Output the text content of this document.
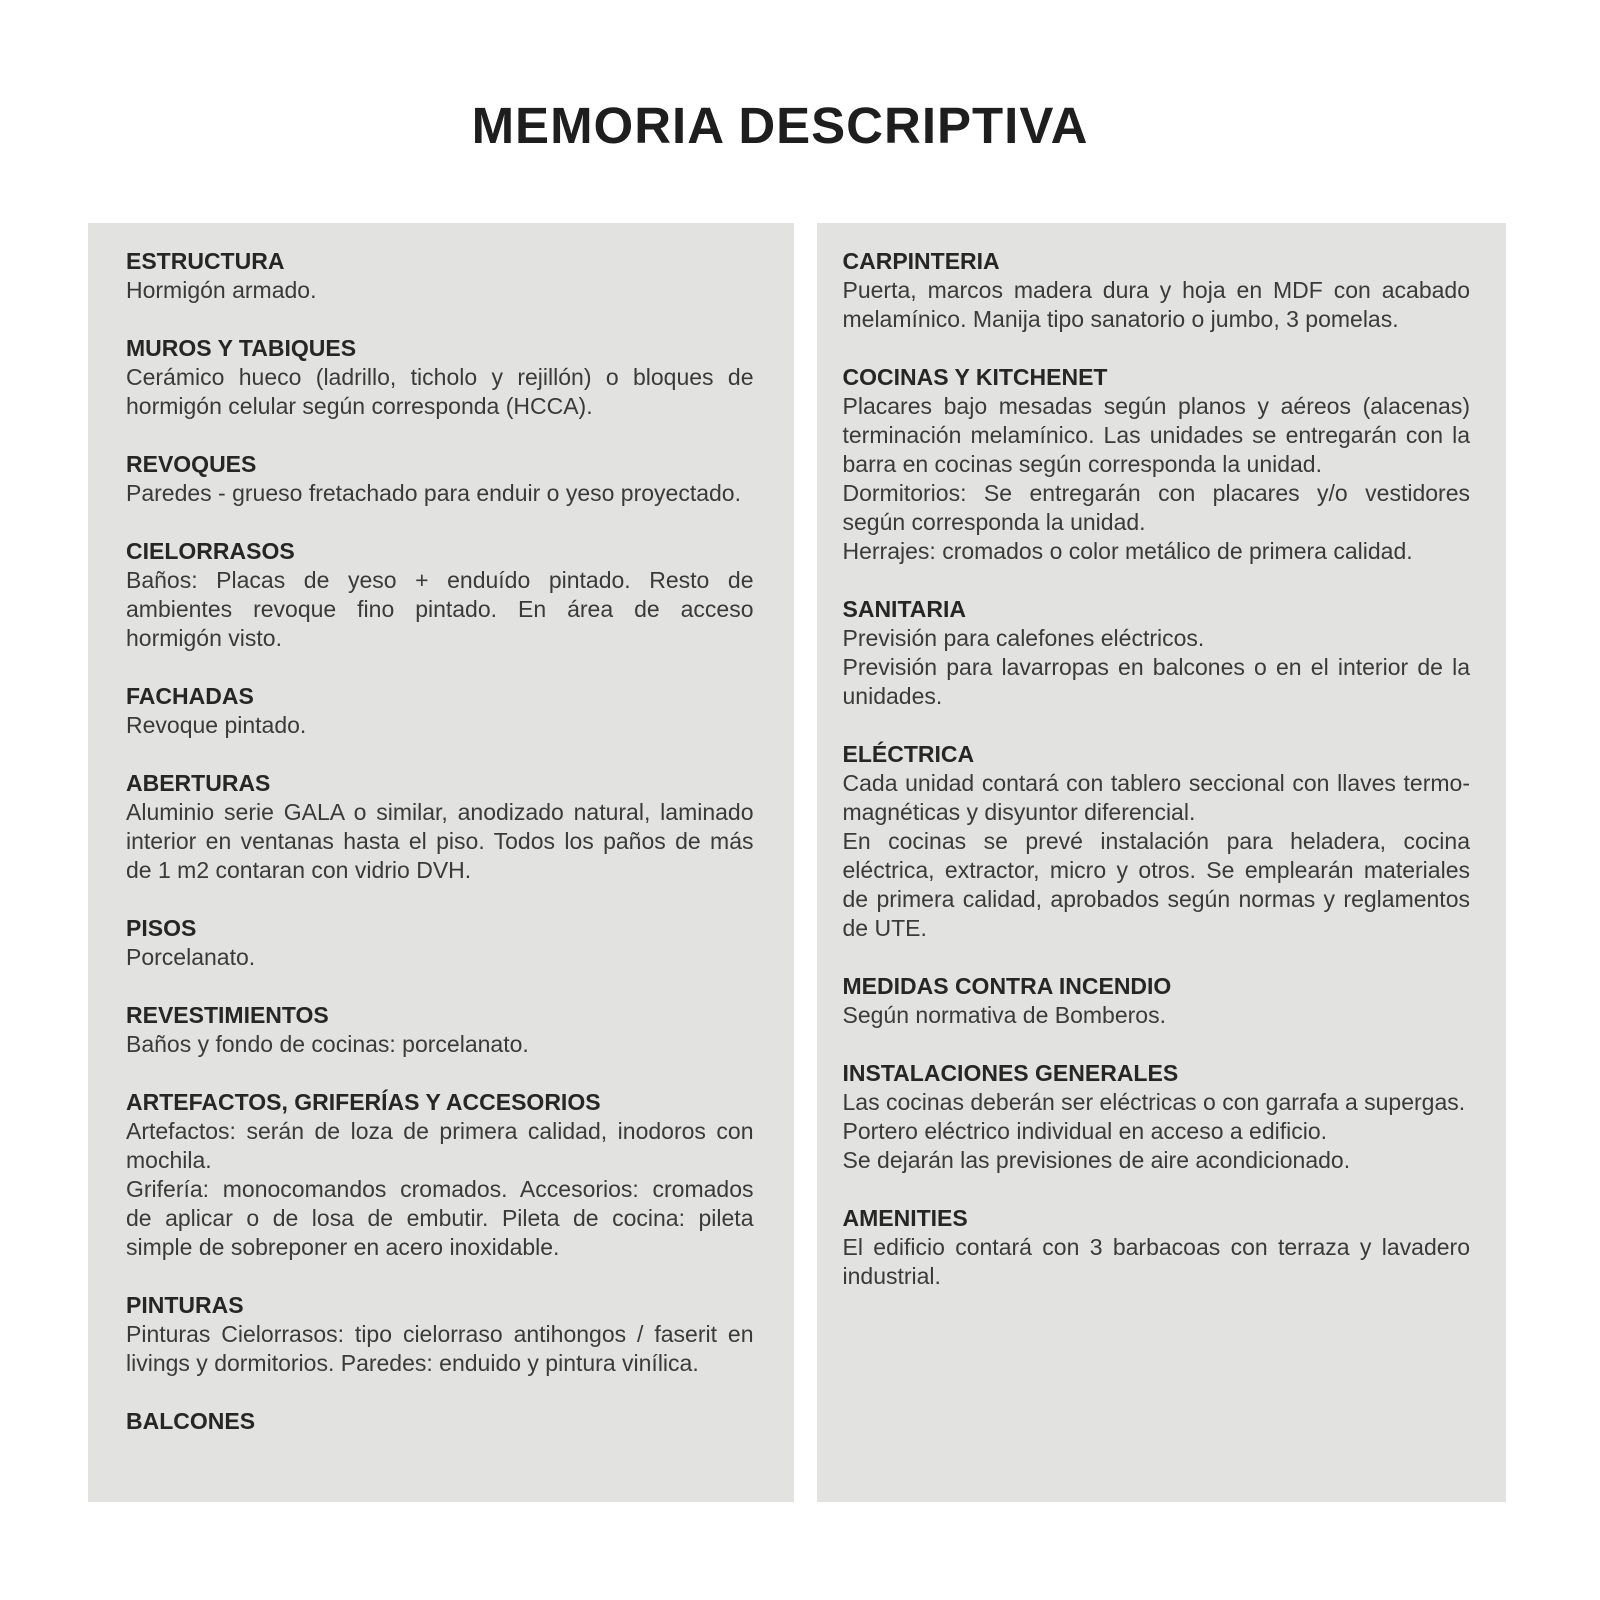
MEMORIA DESCRIPTIVA
ESTRUCTURA

Hormigón armado.

MUROS Y TABIQUES

Cerámico hueco (ladrillo, ticholo y rejillón) o bloques de hormigón celular según corresponda (HCCA).

REVOQUES

Paredes - grueso fretachado para enduir o yeso proyectado.

CIELORRASOS

Baños: Placas de yeso + enduído pintado. Resto de ambientes revoque fino pintado. En área de acceso hormigón visto.

FACHADAS

Revoque pintado.

ABERTURAS

Aluminio serie GALA o similar, anodizado natural, laminado interior en ventanas hasta el piso. Todos los paños de más de 1 m2 contaran con vidrio DVH.

PISOS

Porcelanato.

REVESTIMIENTOS

Baños y fondo de cocinas: porcelanato.

ARTEFACTOS, GRIFERÍAS Y ACCESORIOS

Artefactos: serán de loza de primera calidad, inodoros con mochila.

Grifería: monocomandos cromados. Accesorios: cromados de aplicar o de losa de embutir. Pileta de cocina: pileta simple de sobreponer en acero inoxidable.

PINTURAS

Pinturas Cielorrasos: tipo cielorraso antihongos / faserit en livings y dormitorios. Paredes: enduido y pintura vinílica.

BALCONES
CARPINTERIA

Puerta, marcos madera dura y hoja en MDF con acabado melamínico. Manija tipo sanatorio o jumbo, 3 pomelas.

COCINAS Y KITCHENET

Placares bajo mesadas según planos y aéreos (alacenas) terminación melamínico. Las unidades se entregarán con la barra en cocinas según corresponda la unidad.

Dormitorios: Se entregarán con placares y/o vestidores según corresponda la unidad.

Herrajes: cromados o color metálico de primera calidad.

SANITARIA

Previsión para calefones eléctricos.

Previsión para lavarropas en balcones o en el interior de la unidades.

ELÉCTRICA

Cada unidad contará con tablero seccional con llaves termo-magnéticas y disyuntor diferencial.

En cocinas se prevé instalación para heladera, cocina eléctrica, extractor, micro y otros. Se emplearán materiales de primera calidad, aprobados según normas y reglamentos de UTE.

MEDIDAS CONTRA INCENDIO

Según normativa de Bomberos.

INSTALACIONES GENERALES

Las cocinas deberán ser eléctricas o con garrafa a supergas.

Portero eléctrico individual en acceso a edificio.

Se dejarán las previsiones de aire acondicionado.

AMENITIES

El edificio contará con 3 barbacoas con terraza y lavadero industrial.
